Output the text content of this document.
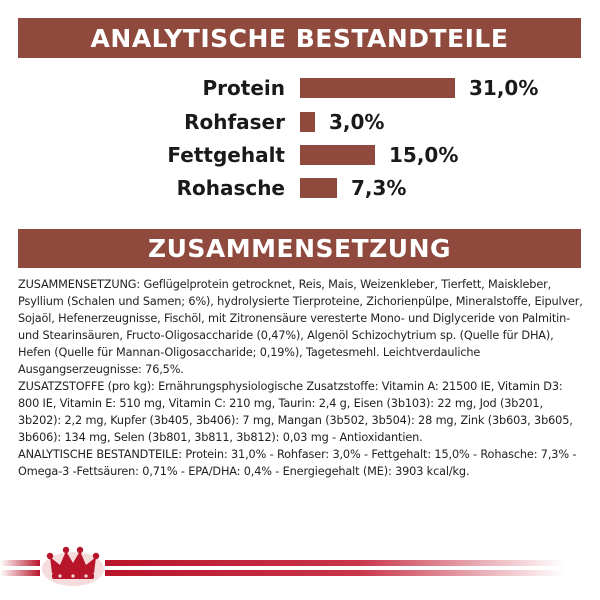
ANALYTISCHE BESTANDTEILE
Protein	31,0%
Rohfaser 3,0%
Fettgehalt	15,0%
Rohasche	7,3%
ZUSAMMENSETZUNG

ZUSAMMENSETZUNG: Geflügelprotein getrocknet, Reis, Mais, Weizenkleber, Tierfett, Maiskleber, Psyllium (Schalen und Samen; 6%), hydrolysierte Tierproteine, Zichorienpülpe, Mineralstoffe, Eipulver, Sojaöl, Hefenerzeugnisse, Fischöl, mit Zitronensäure veresterte Mono- und Diglyceride von Palmitin- und Stearinsäuren, Fructo-Oligosaccharide (0,47%), Algenöl Schizochytrium sp. (Quelle für DHA), Hefen (Quelle für Mannan-Oligosaccharide; 0,19%), Tagetesmehl. Leichtverdauliche Ausgangserzeugnisse: 76,5%.

ZUSATZSTOFFE (pro kg): Ernährungsphysiologische Zusatzstoffe: Vitamin A: 21500 IE, Vitamin D3: 800 IE, Vitamin E: 510 mg, Vitamin C: 210 mg, Taurin: 2,4 g, Eisen (3b103): 22 mg, Jod (3b201, 3b202): 2,2 mg, Kupfer (3b405, 3b406): 7 mg, Mangan (3b502, 3b504): 28 mg, Zink (3b603, 3b605, 3b606): 134 mg, Selen (3b801, 3b811, 3b812): 0,03 mg - Antioxidantien.

ANALYTISCHE BESTANDTEILE: Protein: 31,0% - Rohfaser: 3,0% - Fettgehalt: 15,0% - Rohasche: 7,3% - Omega-3 -Fettsäuren: 0,71% - EPA/DHA: 0,4% - Energiegehalt (ME): 3903 kcal/kg.
